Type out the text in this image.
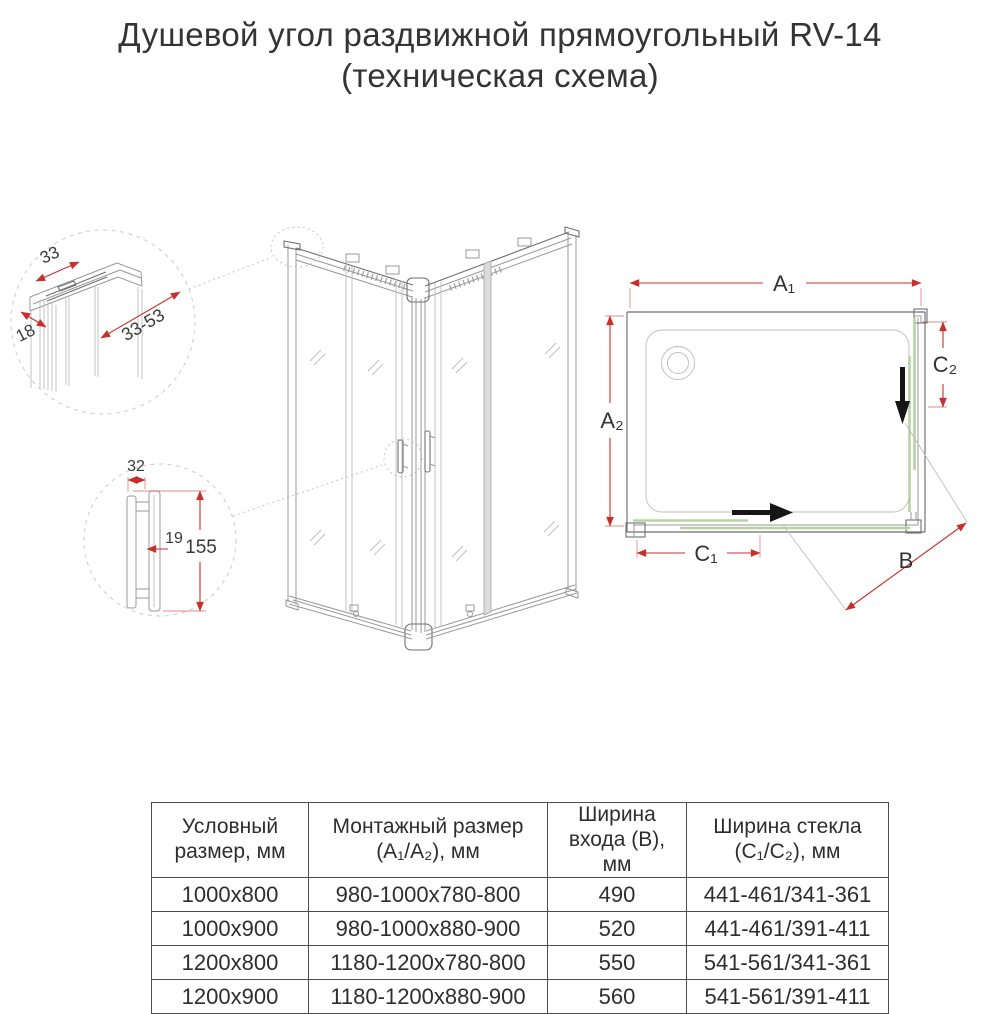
Душевой угол раздвижной прямоугольный RV-14
(техническая схема)
33
18	33-53
32
19 155
A₁
A₂
C₁
C₂
B
Условный размер, мм	Монтажный размер (A₁/A₂), мм	Ширина входа (B), мм	Ширина стекла (C₁/C₂), мм
1000x800	980-1000x780-800	490	441-461/341-361
1000x900	980-1000x880-900	520	441-461/391-411
1200x800	1180-1200x780-800	550	541-561/341-361
1200x900	1180-1200x880-900	560	541-561/391-411
